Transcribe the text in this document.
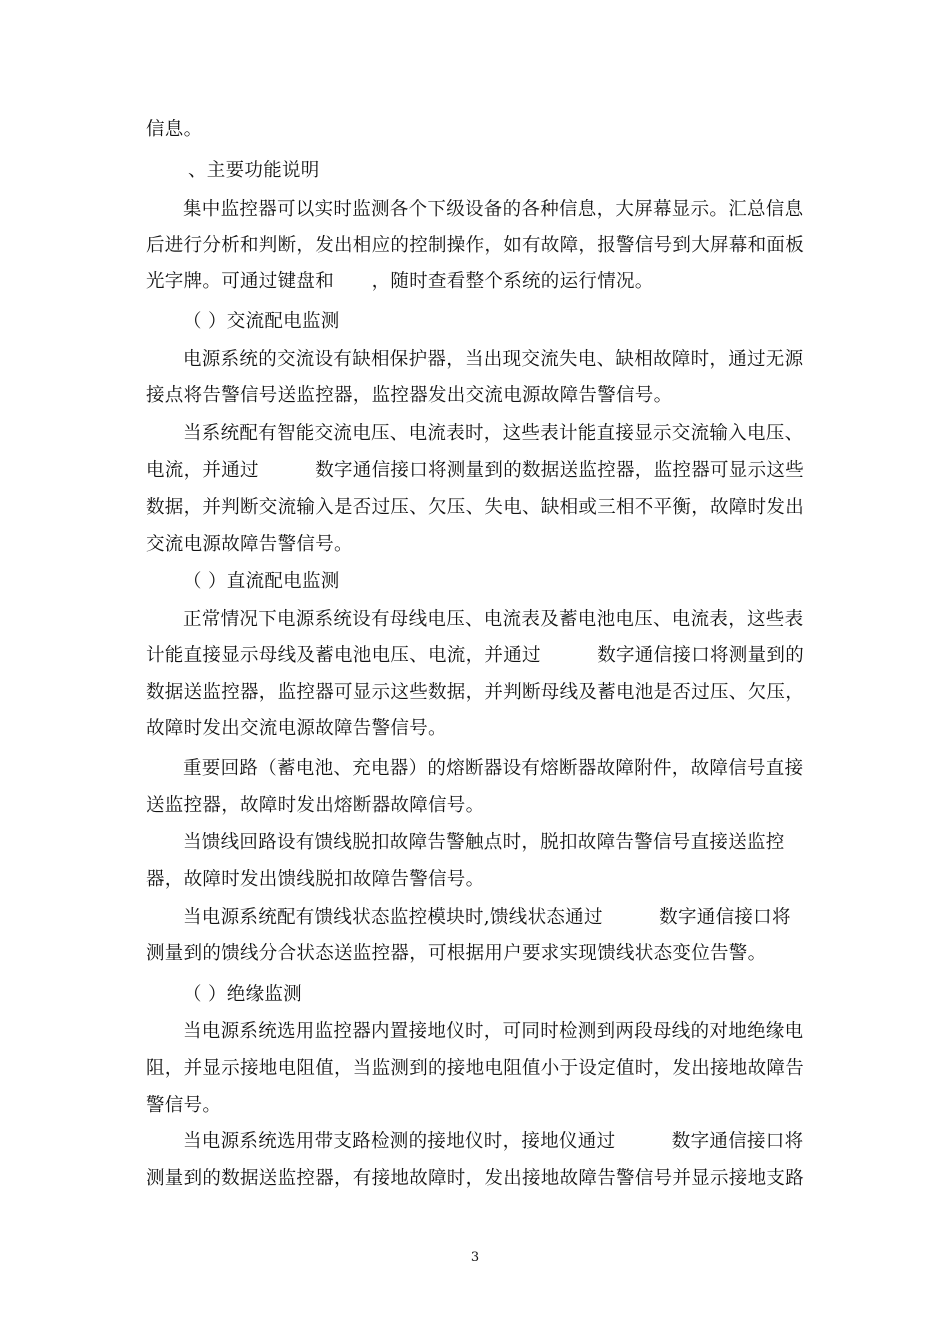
信息。
、主要功能说明
集中监控器可以实时监测各个下级设备的各种信息，大屏幕显示。汇总信息
后进行分析和判断，发出相应的控制操作，如有故障，报警信号到大屏幕和面板
光字牌。可通过键盘和　　，随时查看整个系统的运行情况。
（ ）交流配电监测
电源系统的交流设有缺相保护器，当出现交流失电、缺相故障时，通过无源
接点将告警信号送监控器，监控器发出交流电源故障告警信号。
当系统配有智能交流电压、电流表时，这些表计能直接显示交流输入电压、
电流，并通过　　　数字通信接口将测量到的数据送监控器，监控器可显示这些
数据，并判断交流输入是否过压、欠压、失电、缺相或三相不平衡，故障时发出
交流电源故障告警信号。
（ ）直流配电监测
正常情况下电源系统设有母线电压、电流表及蓄电池电压、电流表，这些表
计能直接显示母线及蓄电池电压、电流，并通过　　　数字通信接口将测量到的
数据送监控器，监控器可显示这些数据，并判断母线及蓄电池是否过压、欠压，
故障时发出交流电源故障告警信号。
重要回路（蓄电池、充电器）的熔断器设有熔断器故障附件，故障信号直接
送监控器，故障时发出熔断器故障信号。
当馈线回路设有馈线脱扣故障告警触点时，脱扣故障告警信号直接送监控
器，故障时发出馈线脱扣故障告警信号。
当电源系统配有馈线状态监控模块时,馈线状态通过　　　数字通信接口将
测量到的馈线分合状态送监控器，可根据用户要求实现馈线状态变位告警。
（ ）绝缘监测
当电源系统选用监控器内置接地仪时，可同时检测到两段母线的对地绝缘电
阻，并显示接地电阻值，当监测到的接地电阻值小于设定值时，发出接地故障告
警信号。
当电源系统选用带支路检测的接地仪时，接地仪通过　　　数字通信接口将
测量到的数据送监控器，有接地故障时，发出接地故障告警信号并显示接地支路
3
